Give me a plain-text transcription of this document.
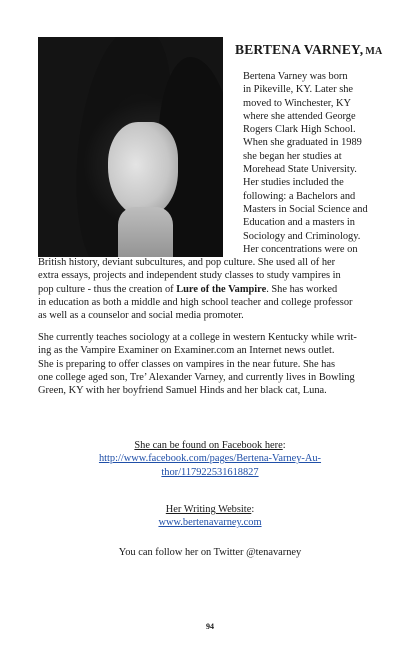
BERTENA VARNEY, MA
Bertena Varney was born
in Pikeville, KY. Later she
moved to Winchester, KY
where she attended George
Rogers Clark High School.
When she graduated in 1989
she began her studies at
Morehead State University.
Her studies included the
following: a Bachelors and
Masters in Social Science and
Education and a masters in
Sociology and Criminology.
Her concentrations were on
British history, deviant subcultures, and pop culture. She used all of her
extra essays, projects and independent study classes to study vampires in
pop culture - thus the creation of Lure of the Vampire. She has worked
in education as both a middle and high school teacher and college professor
as well as a counselor and social media promoter.
She currently teaches sociology at a college in western Kentucky while writ-
ing as the Vampire Examiner on Examiner.com an Internet news outlet.
She is preparing to offer classes on vampires in the near future. She has
one college aged son, Tre’ Alexander Varney, and currently lives in Bowling
Green, KY with her boyfriend Samuel Hinds and her black cat, Luna.
She can be found on Facebook here:
http://www.facebook.com/pages/Bertena-Varney-Au-
thor/117922531618827
Her Writing Website:
www.bertenavarney.com
You can follow her on Twitter @tenavarney
94
